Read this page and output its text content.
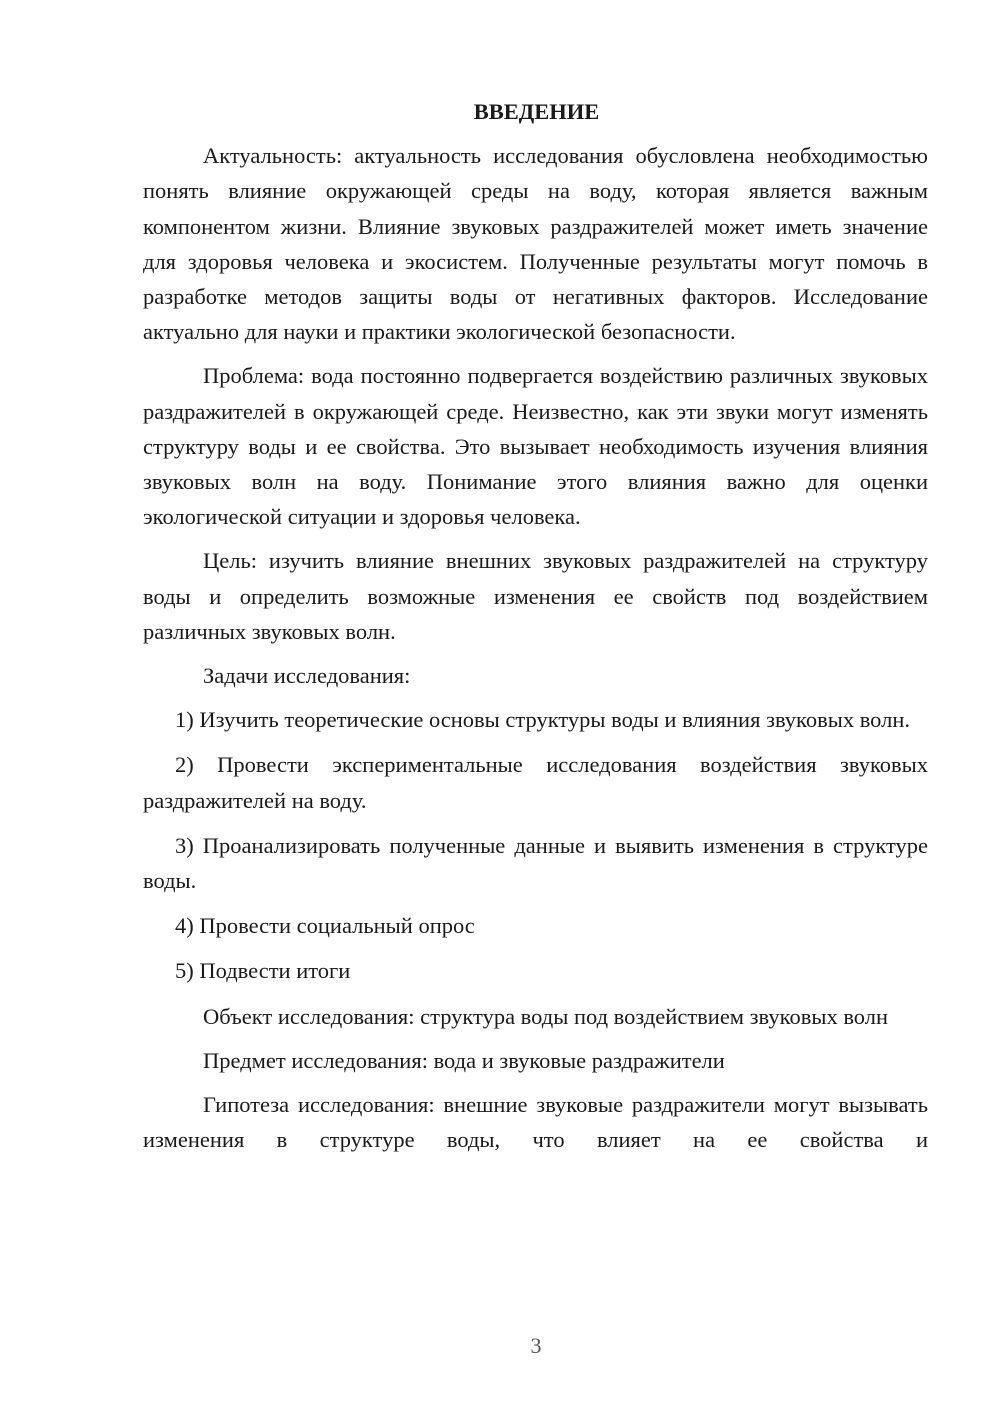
ВВЕДЕНИЕ

Актуальность: актуальность исследования обусловлена необходимостью понять влияние окружающей среды на воду, которая является важным компонентом жизни. Влияние звуковых раздражителей может иметь значение для здоровья человека и экосистем. Полученные результаты могут помочь в разработке методов защиты воды от негативных факторов. Исследование актуально для науки и практики экологической безопасности.

Проблема: вода постоянно подвергается воздействию различных звуковых раздражителей в окружающей среде. Неизвестно, как эти звуки могут изменять структуру воды и ее свойства. Это вызывает необходимость изучения влияния звуковых волн на воду. Понимание этого влияния важно для оценки экологической ситуации и здоровья человека.

Цель: изучить влияние внешних звуковых раздражителей на структуру воды и определить возможные изменения ее свойств под воздействием различных звуковых волн.

Задачи исследования:

1) Изучить теоретические основы структуры воды и влияния звуковых волн.

2) Провести экспериментальные исследования воздействия звуковых раздражителей на воду.

3) Проанализировать полученные данные и выявить изменения в структуре воды.

4) Провести социальный опрос

5) Подвести итоги

Объект исследования: структура воды под воздействием звуковых волн

Предмет исследования: вода и звуковые раздражители

Гипотеза исследования: внешние звуковые раздражители могут вызывать изменения в структуре воды, что влияет на ее свойства и

3
